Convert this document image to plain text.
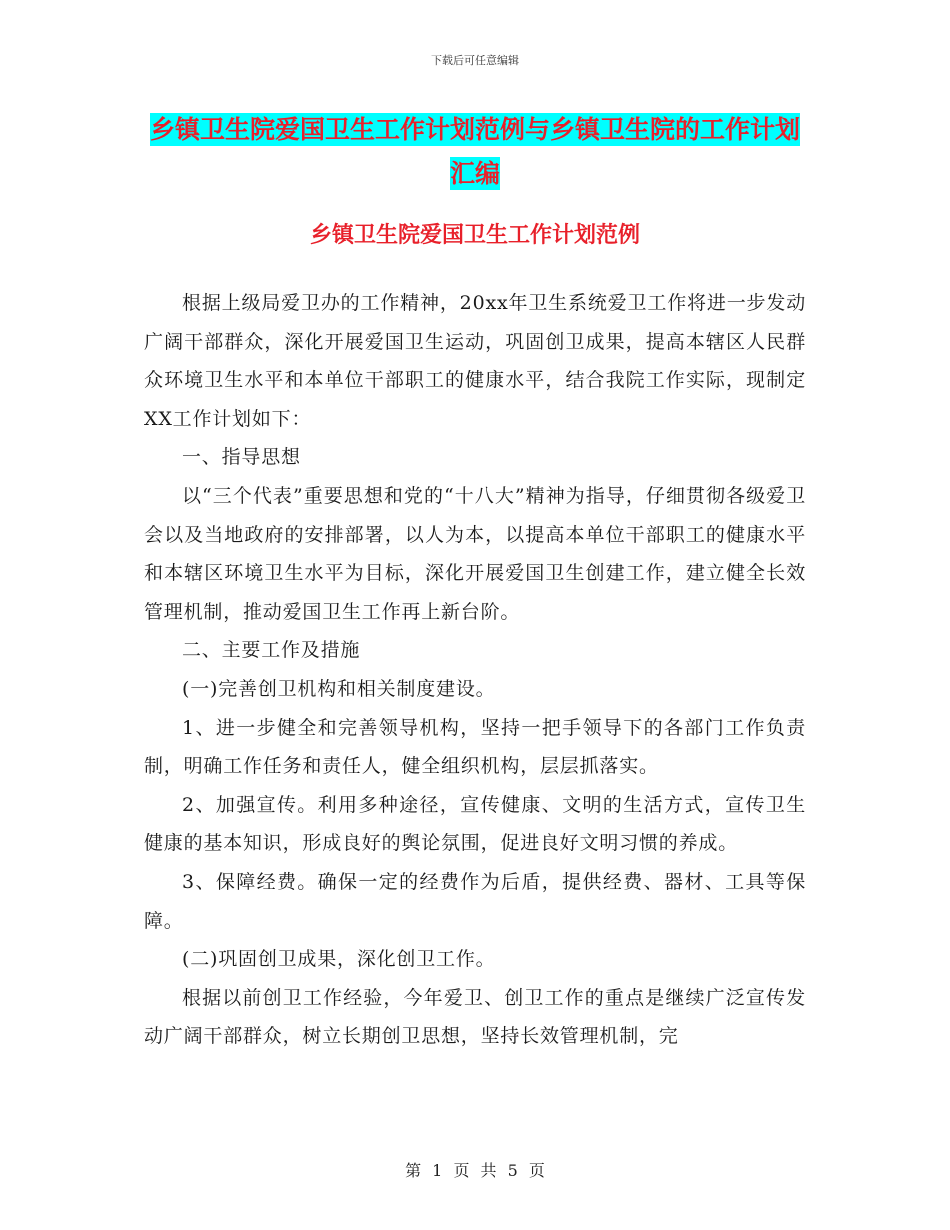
下载后可任意编辑
乡镇卫生院爱国卫生工作计划范例与乡镇卫生院的工作计划汇编
乡镇卫生院爱国卫生工作计划范例

根据上级局爱卫办的工作精神，20xx年卫生系统爱卫工作将进一步发动广阔干部群众，深化开展爱国卫生运动，巩固创卫成果，提高本辖区人民群众环境卫生水平和本单位干部职工的健康水平，结合我院工作实际，现制定XX工作计划如下：

一、指导思想

以“三个代表”重要思想和党的“十八大”精神为指导，仔细贯彻各级爱卫会以及当地政府的安排部署，以人为本，以提高本单位干部职工的健康水平和本辖区环境卫生水平为目标，深化开展爱国卫生创建工作，建立健全长效管理机制，推动爱国卫生工作再上新台阶。

二、主要工作及措施

(一)完善创卫机构和相关制度建设。

1、进一步健全和完善领导机构，坚持一把手领导下的各部门工作负责制，明确工作任务和责任人，健全组织机构，层层抓落实。

2、加强宣传。利用多种途径，宣传健康、文明的生活方式，宣传卫生健康的基本知识，形成良好的舆论氛围，促进良好文明习惯的养成。

3、保障经费。确保一定的经费作为后盾，提供经费、器材、工具等保障。

(二)巩固创卫成果，深化创卫工作。

根据以前创卫工作经验，今年爱卫、创卫工作的重点是继续广泛宣传发动广阔干部群众，树立长期创卫思想，坚持长效管理机制，完

第 1 页 共 5 页
